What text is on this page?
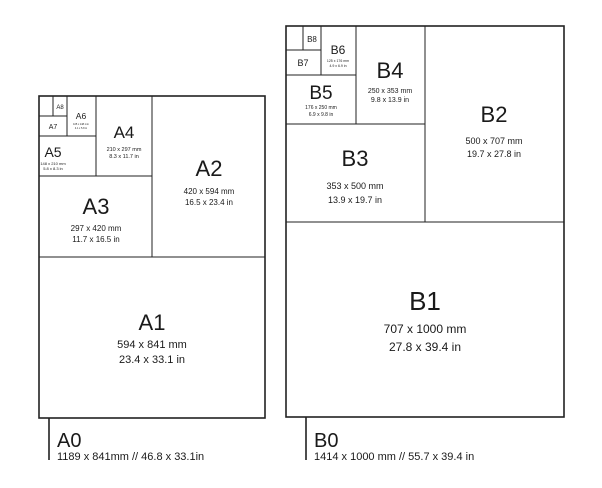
A1
594 x 841 mm
23.4 x 33.1 in
A2
420 x 594 mm
16.5 x 23.4 in
A3
297 x 420 mm
11.7 x 16.5 in
A4
210 x 297 mm
8.3 x 11.7 in
A5
148 x 210 mm
5.8 x 8.3 in
A6
105 x 148 mm
4.1 x 5.8 in
A7
A8
A0
1189 x 841mm // 46.8 x 33.1in
B1
707 x 1000 mm
27.8 x 39.4 in
B2
500 x 707 mm
19.7 x 27.8 in
B3
353 x 500 mm
13.9 x 19.7 in
B4
250 x 353 mm
9.8 x 13.9 in
B5
176 x 250 mm
6.9 x 9.8 in
B6
125 x 176 mm
4.9 x 6.9 in
B7
B8
B0
1414 x 1000 mm // 55.7 x 39.4 in
